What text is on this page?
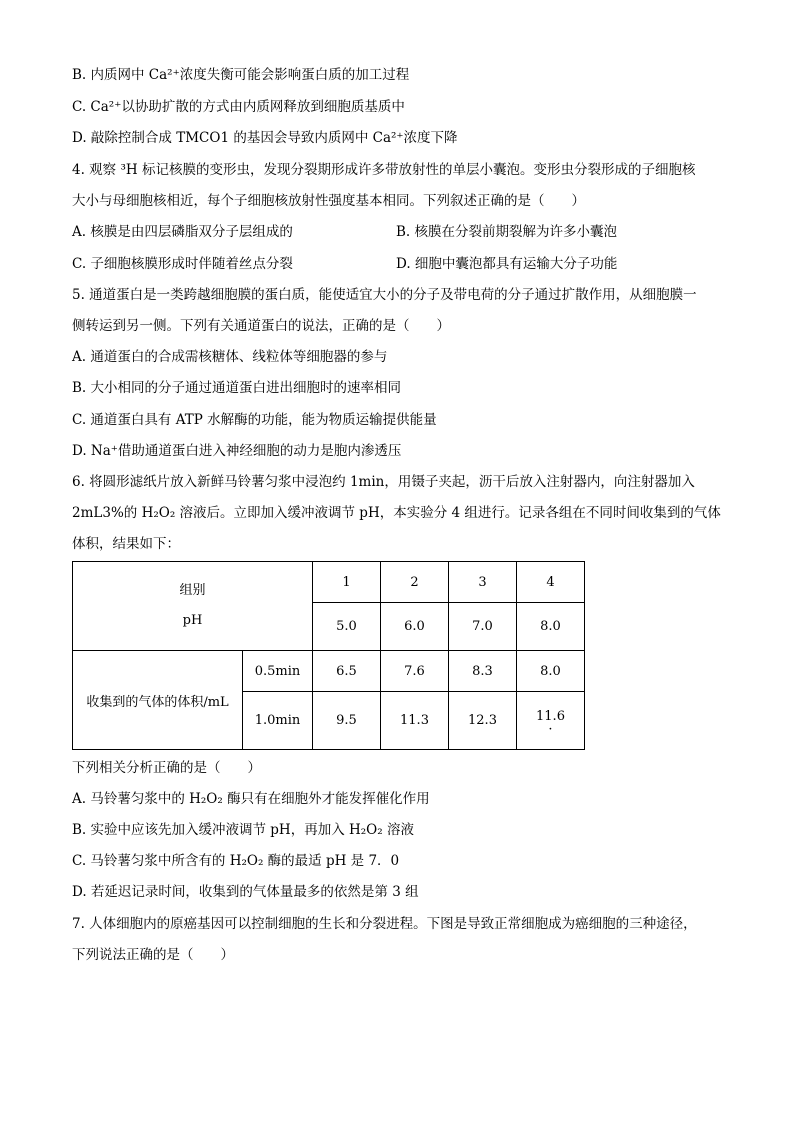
B. 内质网中 Ca²⁺浓度失衡可能会影响蛋白质的加工过程
C. Ca²⁺以协助扩散的方式由内质网释放到细胞质基质中
D. 敲除控制合成 TMCO1 的基因会导致内质网中 Ca²⁺浓度下降
4. 观察 ³H 标记核膜的变形虫，发现分裂期形成许多带放射性的单层小囊泡。变形虫分裂形成的子细胞核
大小与母细胞核相近，每个子细胞核放射性强度基本相同。下列叙述正确的是（　　）
A. 核膜是由四层磷脂双分子层组成的	B. 核膜在分裂前期裂解为许多小囊泡
C. 子细胞核膜形成时伴随着丝点分裂	D. 细胞中囊泡都具有运输大分子功能
5. 通道蛋白是一类跨越细胞膜的蛋白质，能使适宜大小的分子及带电荷的分子通过扩散作用，从细胞膜一
侧转运到另一侧。下列有关通道蛋白的说法，正确的是（　　）
A. 通道蛋白的合成需核糖体、线粒体等细胞器的参与
B. 大小相同的分子通过通道蛋白进出细胞时的速率相同
C. 通道蛋白具有 ATP 水解酶的功能，能为物质运输提供能量
D. Na⁺借助通道蛋白进入神经细胞的动力是胞内渗透压
6. 将圆形滤纸片放入新鲜马铃薯匀浆中浸泡约 1min，用镊子夹起，沥干后放入注射器内，向注射器加入
2mL3%的 H₂O₂ 溶液后。立即加入缓冲液调节 pH，本实验分 4 组进行。记录各组在不同时间收集到的气体
体积，结果如下：
组别
pH		1	2	3	4
		5.0	6.0	7.0	8.0
收集到的气体的体积/mL	0.5min	6.5	7.6	8.3	8.0
	1.0min	9.5	11.3	12.3	11.6
·
下列相关分析正确的是（　　）
A. 马铃薯匀浆中的 H₂O₂ 酶只有在细胞外才能发挥催化作用
B. 实验中应该先加入缓冲液调节 pH，再加入 H₂O₂ 溶液
C. 马铃薯匀浆中所含有的 H₂O₂ 酶的最适 pH 是 7．0
D. 若延迟记录时间，收集到的气体量最多的依然是第 3 组
7. 人体细胞内的原癌基因可以控制细胞的生长和分裂进程。下图是导致正常细胞成为癌细胞的三种途径，
下列说法正确的是（　　）
